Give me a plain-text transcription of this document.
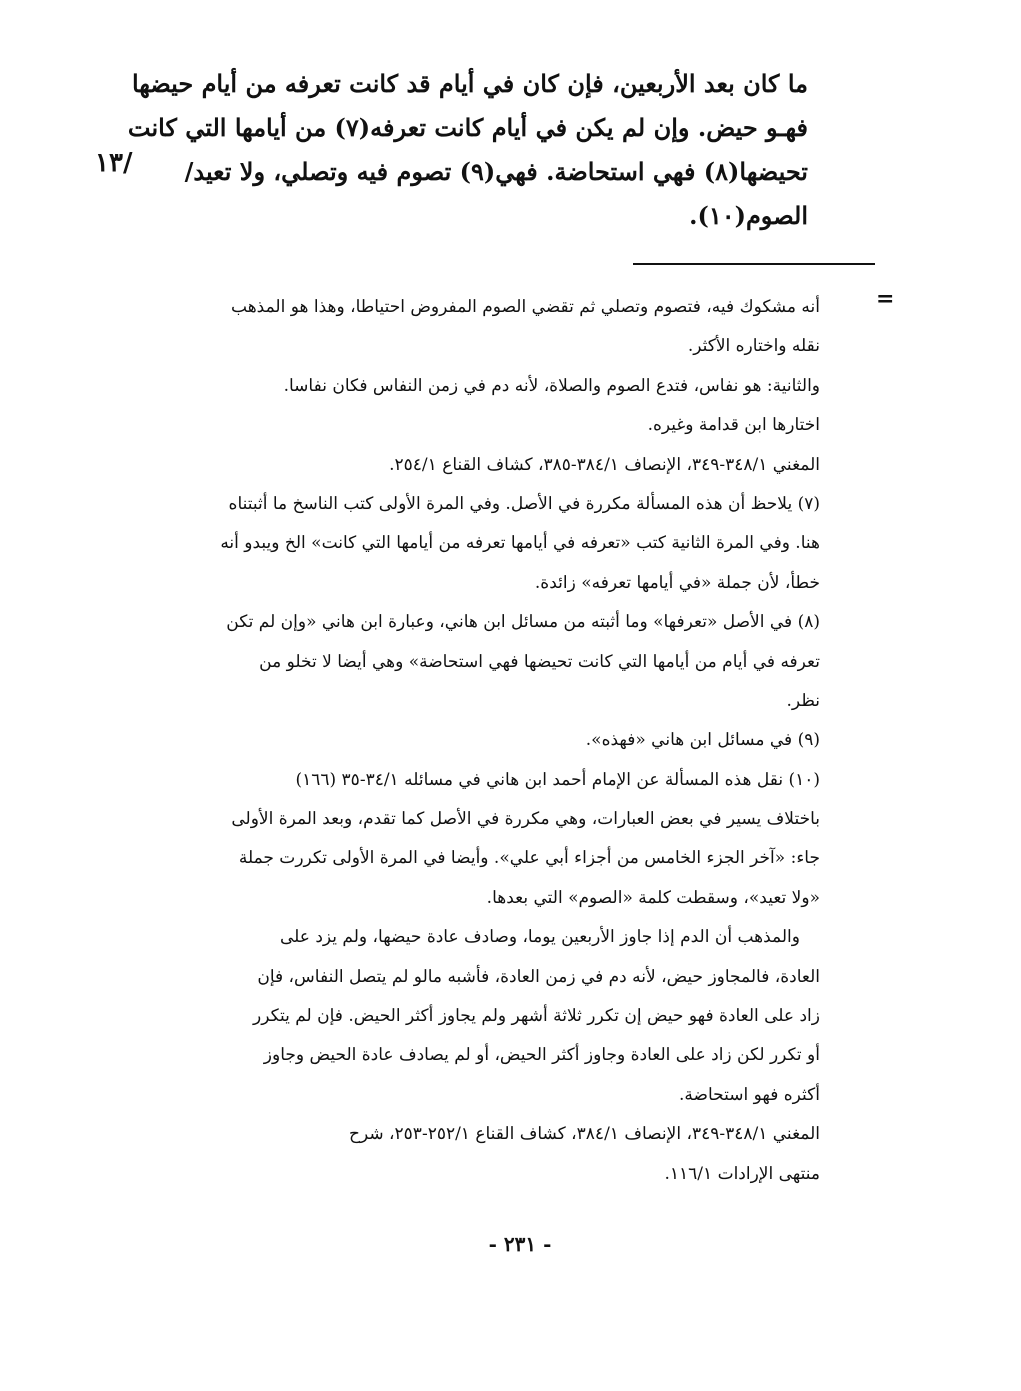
ما كان بعد الأربعين، فإن كان في أيام قد كانت تعرفه من أيام حيضها
فهـو حيض. وإن لم يكن في أيام كانت تعرفه(٧) من أيامها التي كانت
تحيضها(٨) فهي استحاضة. فهي(٩) تصوم فيه وتصلي، ولا تعيد/
الصوم(١٠).
/١٣
=
أنه مشكوك فيه، فتصوم وتصلي ثم تقضي الصوم المفروض احتياطا، وهذا هو المذهب
نقله واختاره الأكثر.
والثانية: هو نفاس، فتدع الصوم والصلاة، لأنه دم في زمن النفاس فكان نفاسا.
اختارها ابن قدامة وغيره.
المغني ٣٤٨/١-٣٤٩، الإنصاف ٣٨٤/١-٣٨٥، كشاف القناع ٢٥٤/١.
(٧) يلاحظ أن هذه المسألة مكررة في الأصل. وفي المرة الأولى كتب الناسخ ما أثبتناه
هنا. وفي المرة الثانية كتب «تعرفه في أيامها تعرفه من أيامها التي كانت» الخ ويبدو أنه
خطأ، لأن جملة «في أيامها تعرفه» زائدة.
(٨) في الأصل «تعرفها» وما أثبته من مسائل ابن هاني، وعبارة ابن هاني «وإن لم تكن
تعرفه في أيام من أيامها التي كانت تحيضها فهي استحاضة» وهي أيضا لا تخلو من
نظر.
(٩) في مسائل ابن هاني «فهذه».
(١٠) نقل هذه المسألة عن الإمام أحمد ابن هاني في مسائله ٣٤/١-٣٥ (١٦٦)
باختلاف يسير في بعض العبارات، وهي مكررة في الأصل كما تقدم، وبعد المرة الأولى
جاء: «آخر الجزء الخامس من أجزاء أبي علي». وأيضا في المرة الأولى تكررت جملة
«ولا تعيد»، وسقطت كلمة «الصوم» التي بعدها.
والمذهب أن الدم إذا جاوز الأربعين يوما، وصادف عادة حيضها، ولم يزد على
العادة، فالمجاوز حيض، لأنه دم في زمن العادة، فأشبه مالو لم يتصل النفاس، فإن
زاد على العادة فهو حيض إن تكرر ثلاثة أشهر ولم يجاوز أكثر الحيض. فإن لم يتكرر
أو تكرر لكن زاد على العادة وجاوز أكثر الحيض، أو لم يصادف عادة الحيض وجاوز
أكثره فهو استحاضة.
المغني ٣٤٨/١-٣٤٩، الإنصاف ٣٨٤/١، كشاف القناع ٢٥٢/١-٢٥٣، شرح
منتهى الإرادات ١١٦/١.
- ٢٣١ -
